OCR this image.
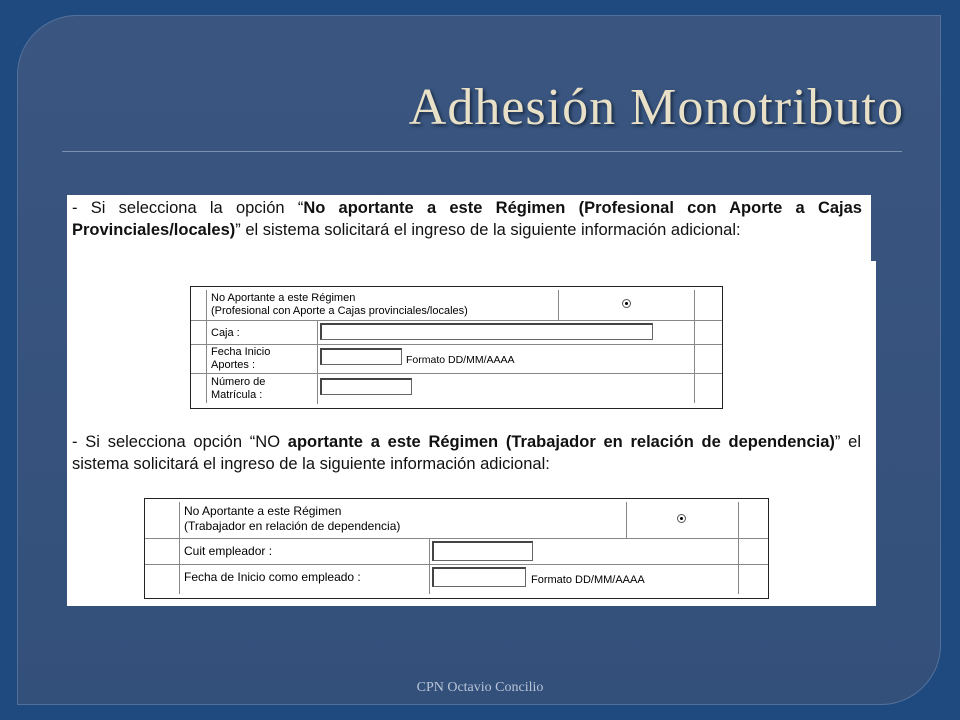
Adhesión Monotributo
- Si selecciona la opción “No aportante a este Régimen (Profesional con Aporte a Cajas Provinciales/locales)” el sistema solicitará el ingreso de la siguiente información adicional:
No Aportante a este Régimen
(Profesional con Aporte a Cajas provinciales/locales)
Caja :
Fecha Inicio
Aportes :	Formato DD/MM/AAAA
Número de
Matrícula :
- Si selecciona opción “NO aportante a este Régimen (Trabajador en relación de dependencia)” el sistema solicitará el ingreso de la siguiente información adicional:
No Aportante a este Régimen
(Trabajador en relación de dependencia)
Cuit empleador :
Fecha de Inicio como empleado :	Formato DD/MM/AAAA
CPN Octavio Concilio
